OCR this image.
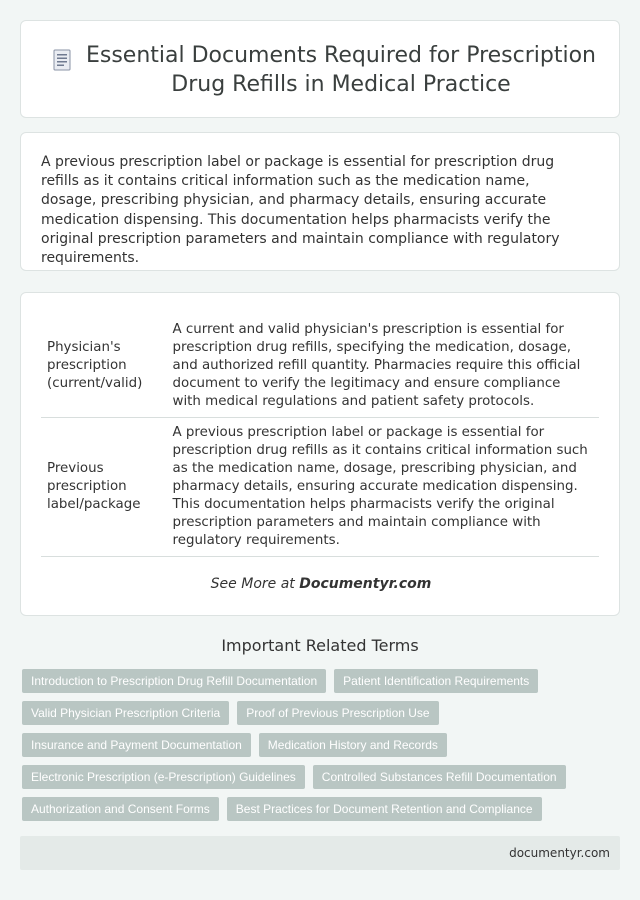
Essential Documents Required for Prescription Drug Refills in Medical Practice

A previous prescription label or package is essential for prescription drug refills as it contains critical information such as the medication name, dosage, prescribing physician, and pharmacy details, ensuring accurate medication dispensing. This documentation helps pharmacists verify the original prescription parameters and maintain compliance with regulatory requirements.

Physician's prescription (current/valid)	A current and valid physician's prescription is essential for prescription drug refills, specifying the medication, dosage, and authorized refill quantity. Pharmacies require this official document to verify the legitimacy and ensure compliance with medical regulations and patient safety protocols.
Previous prescription label/package	A previous prescription label or package is essential for prescription drug refills as it contains critical information such as the medication name, dosage, prescribing physician, and pharmacy details, ensuring accurate medication dispensing. This documentation helps pharmacists verify the original prescription parameters and maintain compliance with regulatory requirements.
See More at Documentyr.com
Important Related Terms
Introduction to Prescription Drug Refill Documentation	Patient Identification Requirements
Valid Physician Prescription Criteria	Proof of Previous Prescription Use
Insurance and Payment Documentation	Medication History and Records
Electronic Prescription (e-Prescription) Guidelines	Controlled Substances Refill Documentation
Authorization and Consent Forms	Best Practices for Document Retention and Compliance
documentyr.com
